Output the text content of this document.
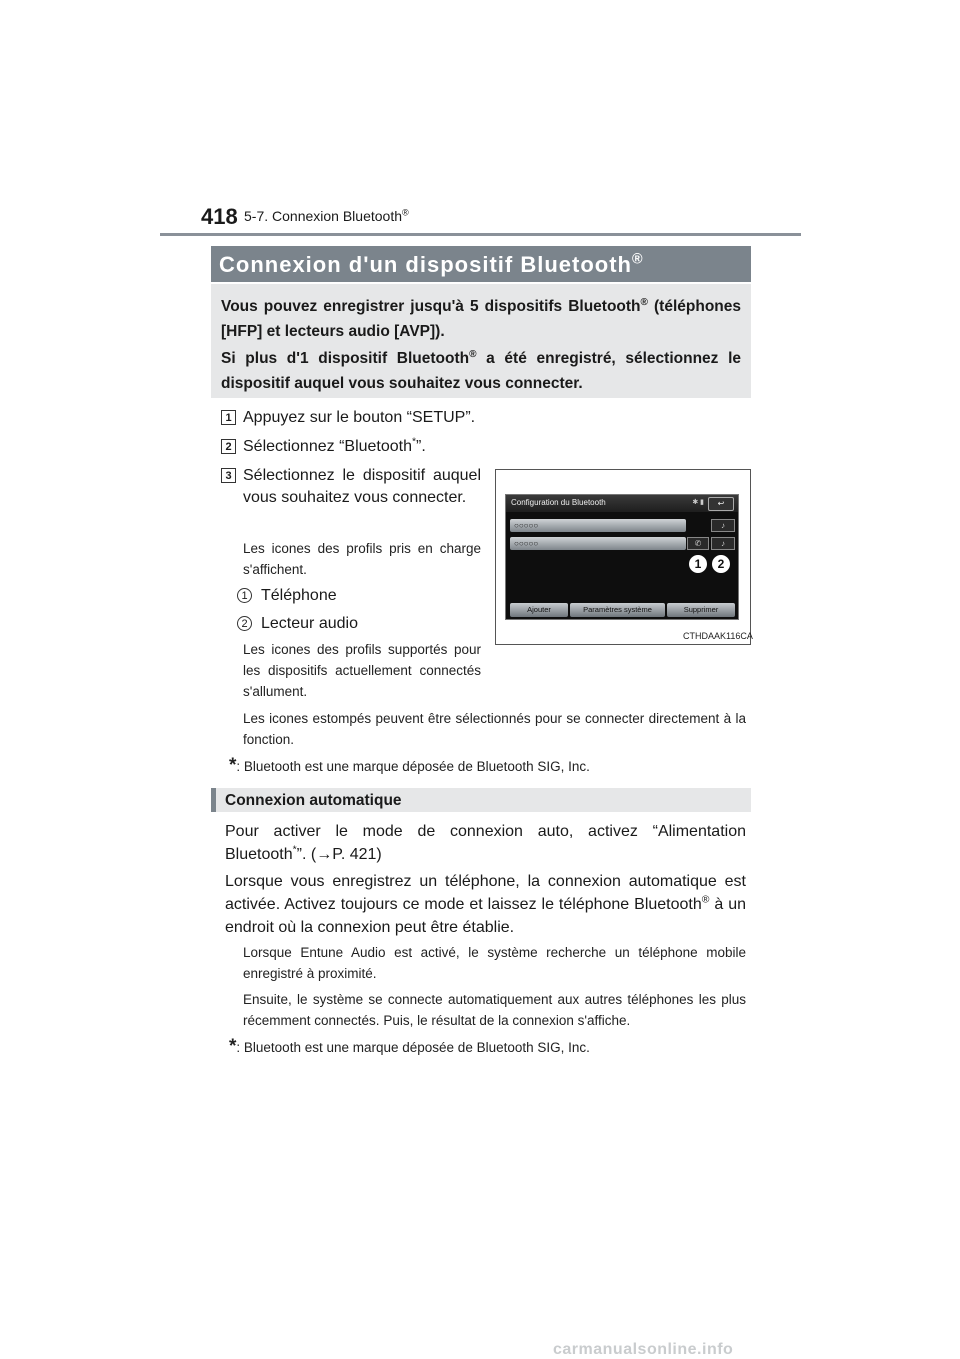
418 5-7. Connexion Bluetooth®
Connexion d'un dispositif Bluetooth®

Vous pouvez enregistrer jusqu'à 5 dispositifs Bluetooth® (téléphones [HFP] et lecteurs audio [AVP]).

Si plus d'1 dispositif Bluetooth® a été enregistré, sélectionnez le dispositif auquel vous souhaitez vous connecter.

1 Appuyez sur le bouton “SETUP”.
2 Sélectionnez “Bluetooth*”.
3 Sélectionnez le dispositif auquel vous souhaitez vous connecter.
Les icones des profils pris en charge s'affichent.
1 Téléphone
2 Lecteur audio
Les icones des profils supportés pour les dispositifs actuellement connectés s'allument.
Les icones estompés peuvent être sélectionnés pour se connecter directement à la fonction.
*: Bluetooth est une marque déposée de Bluetooth SIG, Inc.
Configuration du Bluetooth	✱ ▮	↩
○○○○○	♪
○○○○○	✆	♪
1	2
Ajouter	Paramètres système	Supprimer
CTHDAAK116CA
Connexion automatique
Pour activer le mode de connexion auto, activez “Alimentation Bluetooth*”. (→P. 421)
Lorsque vous enregistrez un téléphone, la connexion automatique est activée. Activez toujours ce mode et laissez le téléphone Bluetooth® à un endroit où la connexion peut être établie.
Lorsque Entune Audio est activé, le système recherche un téléphone mobile enregistré à proximité.
Ensuite, le système se connecte automatiquement aux autres téléphones les plus récemment connectés. Puis, le résultat de la connexion s'affiche.
*: Bluetooth est une marque déposée de Bluetooth SIG, Inc.
carmanualsonline.info
